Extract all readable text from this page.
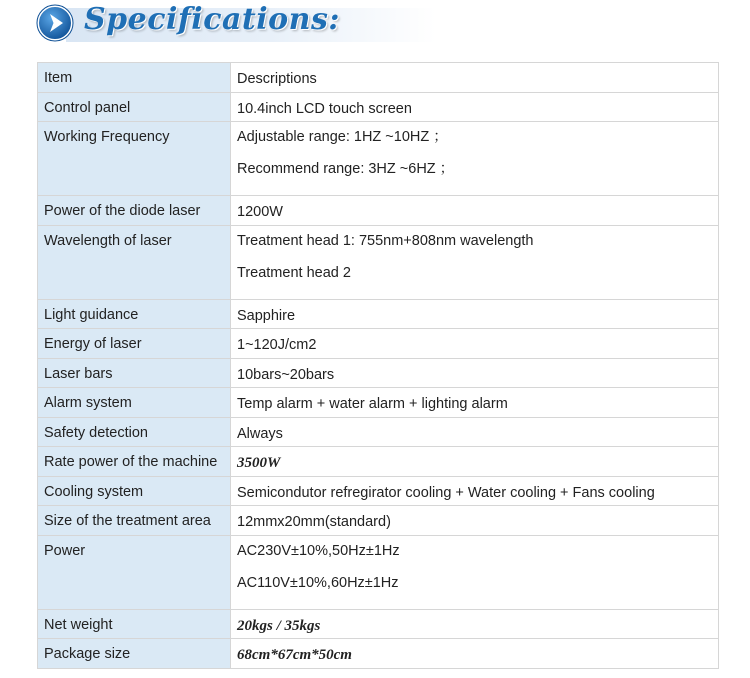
Specifications:
Item	Descriptions

Control panel	10.4inch LCD touch screen

Working Frequency	Adjustable range: 1HZ ~10HZ ；
Recommend range: 3HZ ~6HZ ；

Power of the diode laser	1200W

Wavelength of laser	Treatment head 1: 755nm+808nm wavelength
Treatment head 2

Light guidance	Sapphire

Energy of laser	1~120J/cm2

Laser bars	10bars~20bars

Alarm system	Temp alarm + water alarm + lighting alarm

Safety detection	Always

Rate power of the machine	3500W

Cooling system	Semicondutor refregirator cooling + Water cooling + Fans cooling

Size of the treatment area	12mmx20mm(standard)

Power	AC230V±10%,50Hz±1Hz
AC110V±10%,60Hz±1Hz

Net weight	20kgs / 35kgs

Package size	68cm*67cm*50cm
